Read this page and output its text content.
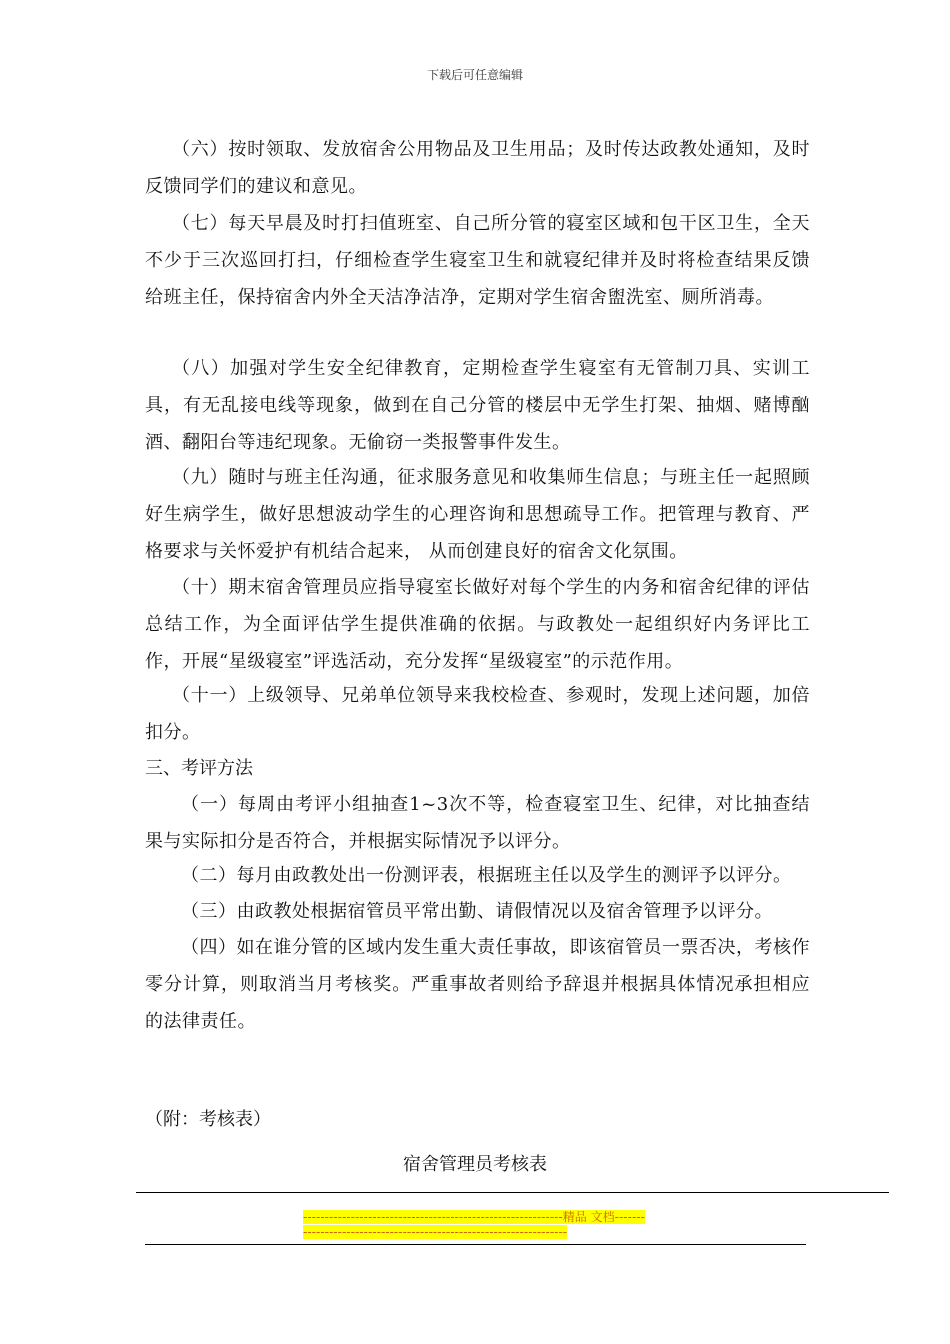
下载后可任意编辑

（六）按时领取、发放宿舍公用物品及卫生用品；及时传达政教处通知，及时反馈同学们的建议和意见。

（七）每天早晨及时打扫值班室、自己所分管的寝室区域和包干区卫生，全天不少于三次巡回打扫，仔细检查学生寝室卫生和就寝纪律并及时将检查结果反馈给班主任，保持宿舍内外全天洁净洁净，定期对学生宿舍盥洗室、厕所消毒。

（八）加强对学生安全纪律教育，定期检查学生寝室有无管制刀具、实训工具，有无乱接电线等现象，做到在自己分管的楼层中无学生打架、抽烟、赌博酗酒、翻阳台等违纪现象。无偷窃一类报警事件发生。

（九）随时与班主任沟通，征求服务意见和收集师生信息；与班主任一起照顾好生病学生，做好思想波动学生的心理咨询和思想疏导工作。把管理与教育、严格要求与关怀爱护有机结合起来， 从而创建良好的宿舍文化氛围。

（十）期末宿舍管理员应指导寝室长做好对每个学生的内务和宿舍纪律的评估总结工作，为全面评估学生提供准确的依据。与政教处一起组织好内务评比工作，开展“星级寝室”评选活动，充分发挥“星级寝室”的示范作用。

（十一）上级领导、兄弟单位领导来我校检查、参观时，发现上述问题，加倍扣分。

三、考评方法

（一）每周由考评小组抽查1~3次不等，检查寝室卫生、纪律，对比抽查结果与实际扣分是否符合，并根据实际情况予以评分。

（二）每月由政教处出一份测评表，根据班主任以及学生的测评予以评分。

（三）由政教处根据宿管员平常出勤、请假情况以及宿舍管理予以评分。

（四）如在谁分管的区域内发生重大责任事故，即该宿管员一票否决，考核作零分计算，则取消当月考核奖。严重事故者则给予辞退并根据具体情况承担相应的法律责任。

（附：考核表）
宿舍管理员考核表
------------------------------------------------------------精品 文档--------------------------------------------------------------------
